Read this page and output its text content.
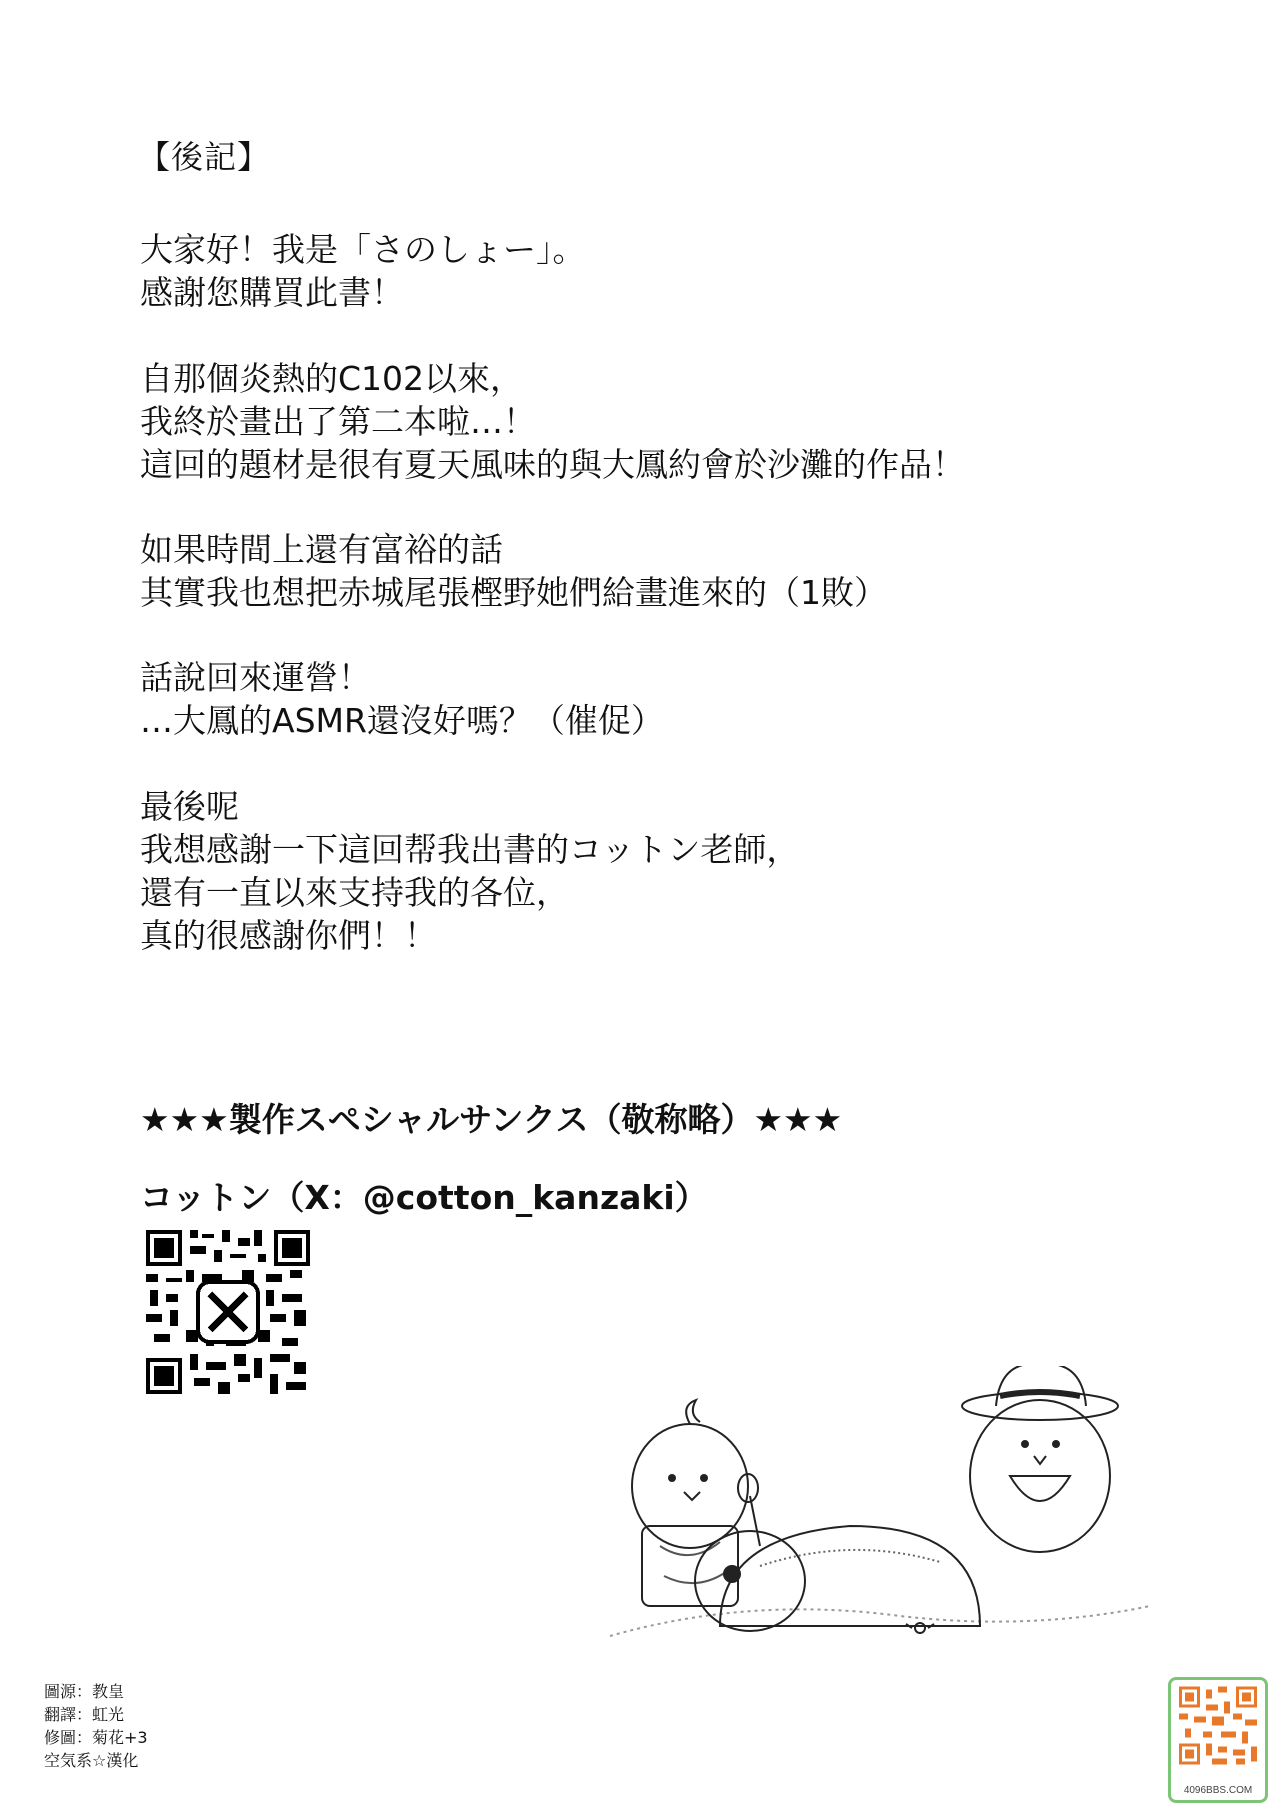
【後記】
大家好！我是「さのしょー」。
感謝您購買此書！
自那個炎熱的C102以來，
我終於畫出了第二本啦…！
這回的題材是很有夏天風味的與大鳳約會於沙灘的作品！
如果時間上還有富裕的話
其實我也想把赤城尾張樫野她們給畫進來的（1敗）
話說回來運營！
…大鳳的ASMR還沒好嗎？（催促）
最後呢
我想感謝一下這回帮我出書的コットン老師，
還有一直以來支持我的各位，
真的很感謝你們！！
★★★製作スペシャルサンクス（敬称略）★★★
コットン（X：@cotton_kanzaki）
圖源：教皇
翻譯：虹光
修圖：菊花+3
空気系☆漢化
4096BBS.COM
